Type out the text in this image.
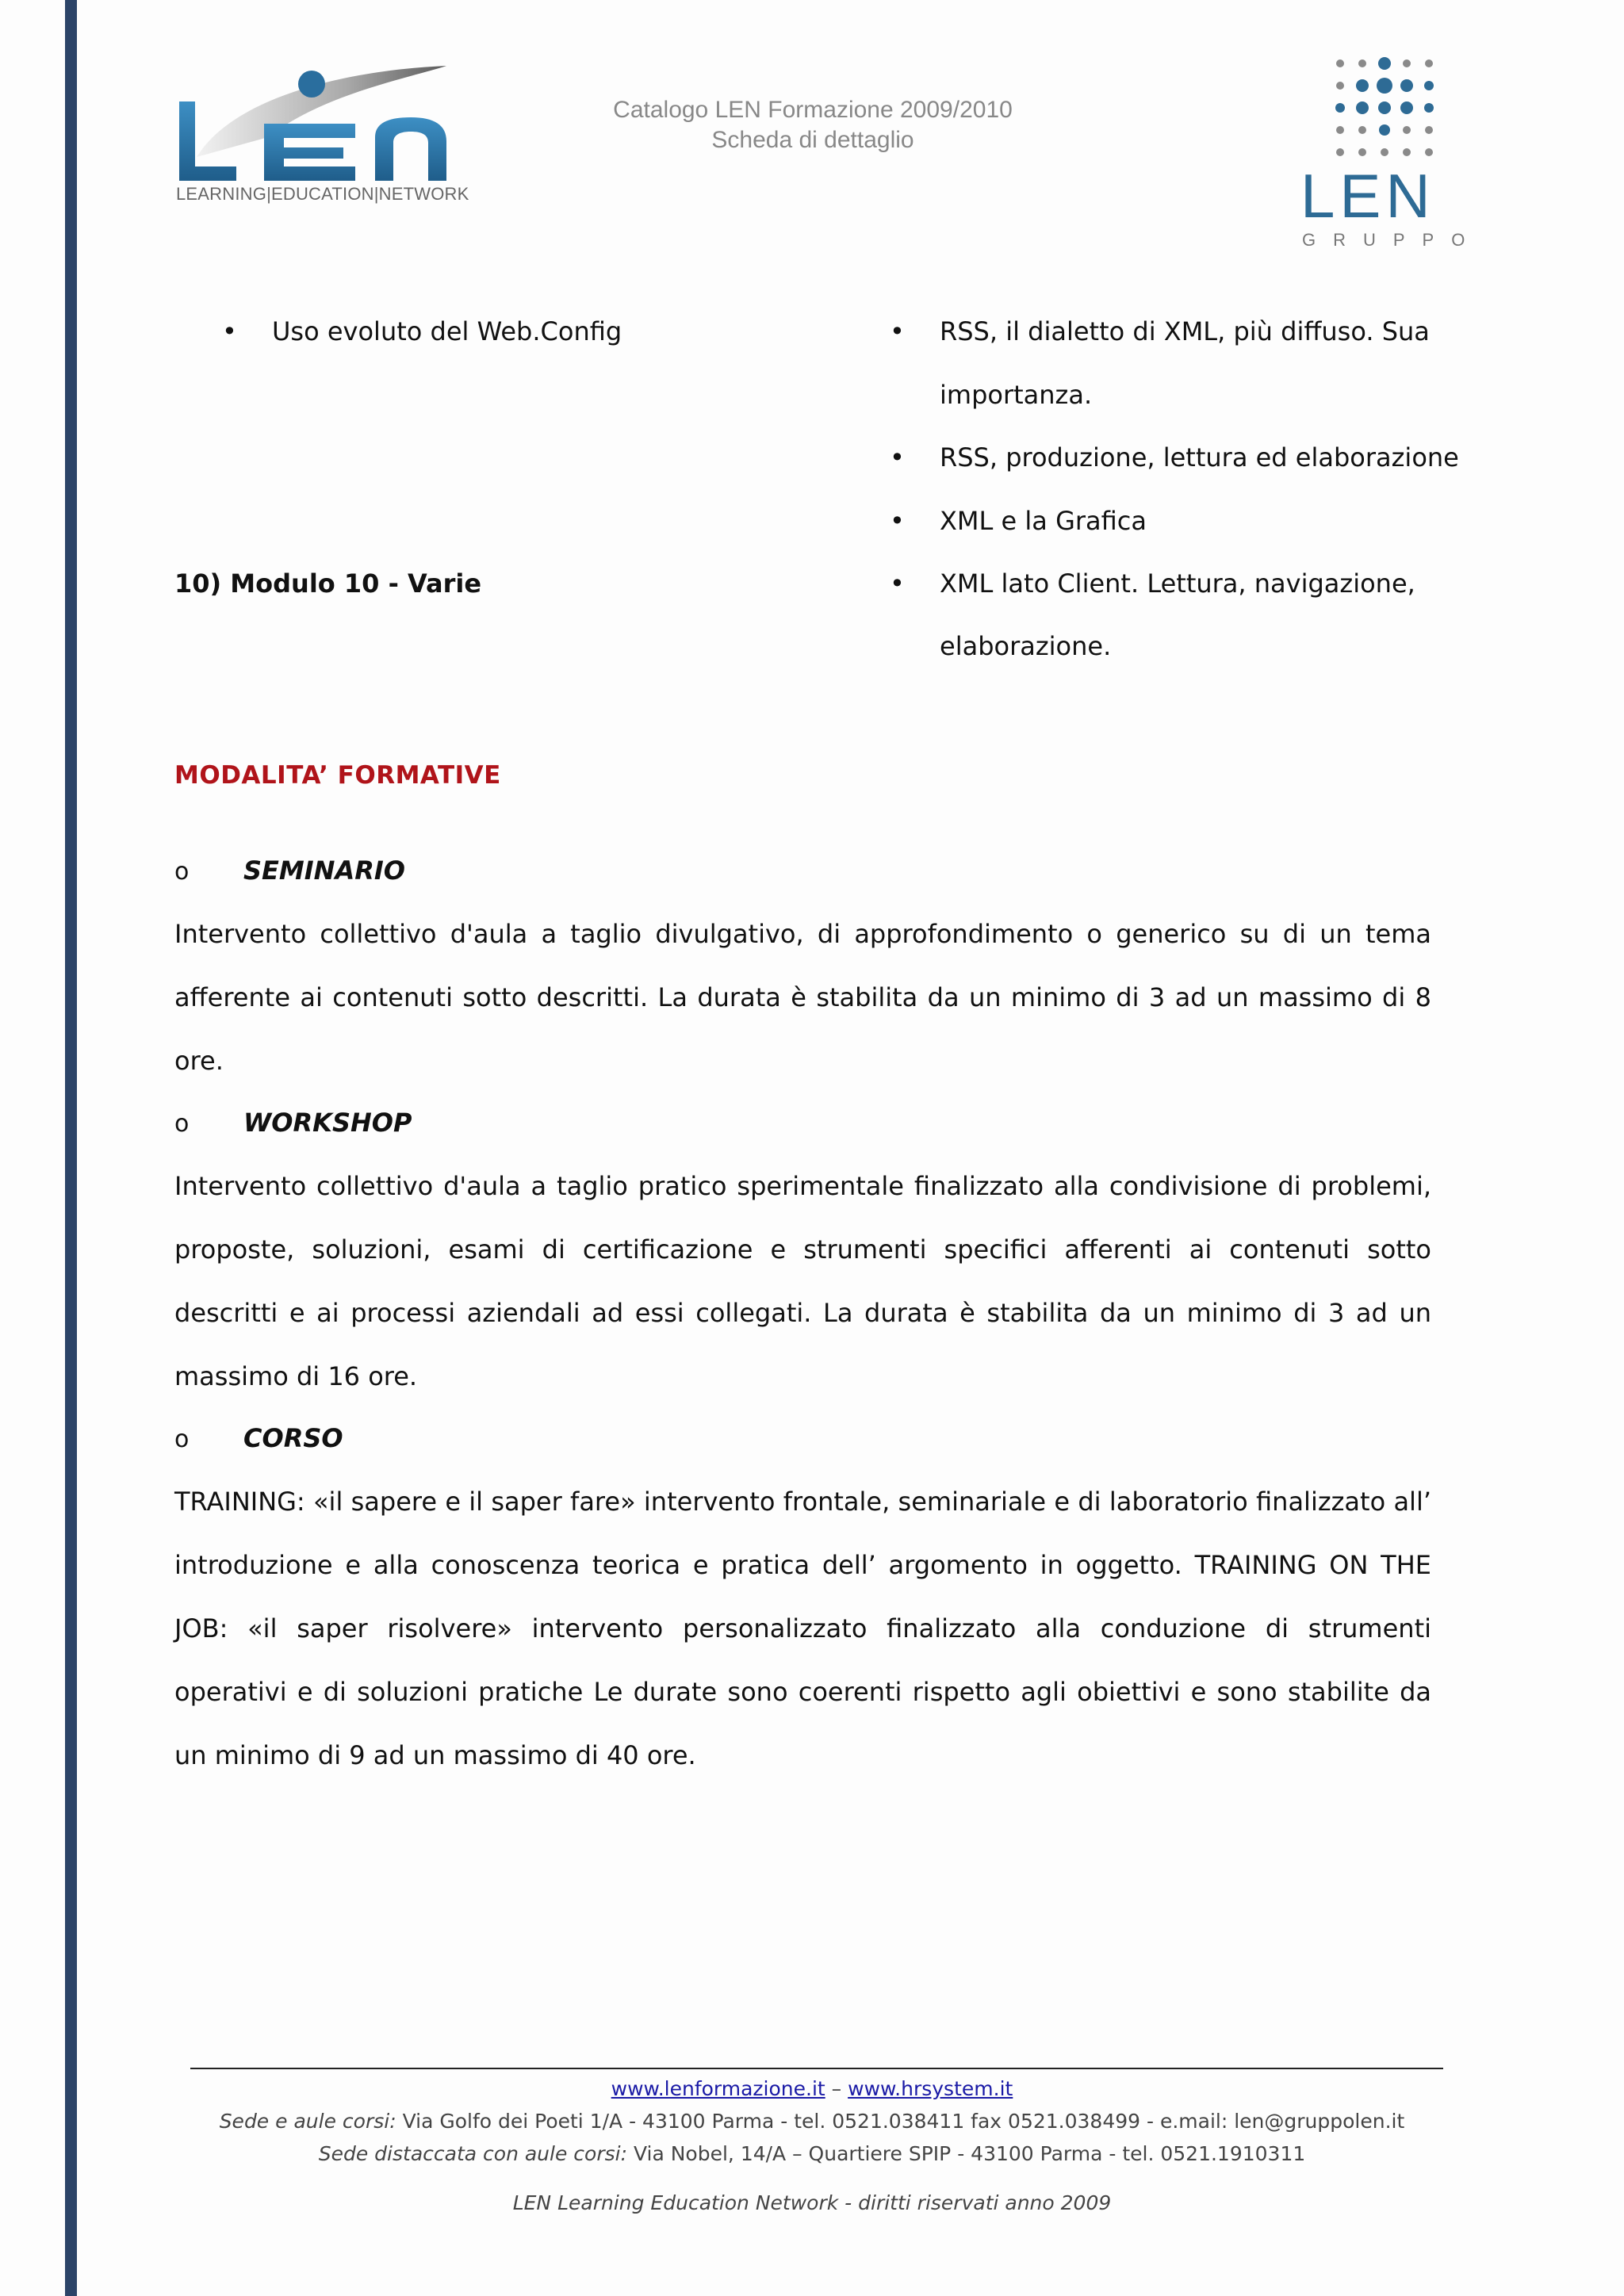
LEARNING|EDUCATION|NETWORK
Catalogo LEN Formazione 2009/2010
Scheda di dettaglio
LEN
GRUPPO
• Uso evoluto del Web.Config

10) Modulo 10 - Varie

• RSS, il dialetto di XML, più diffuso. Sua

importanza.

• RSS, produzione, lettura ed elaborazione

• XML e la Grafica

• XML lato Client. Lettura, navigazione,

elaborazione.

MODALITA’ FORMATIVE
o SEMINARIO

Intervento collettivo d'aula a taglio divulgativo, di approfondimento o generico su di un tema afferente ai contenuti sotto descritti. La durata è stabilita da un minimo di 3 ad un massimo di 8 ore.

o WORKSHOP

Intervento collettivo d'aula a taglio pratico sperimentale finalizzato alla condivisione di problemi, proposte, soluzioni, esami di certificazione e strumenti specifici afferenti ai contenuti sotto descritti e ai processi aziendali ad essi collegati. La durata è stabilita da un minimo di 3 ad un massimo di 16 ore.

o CORSO

TRAINING: «il sapere e il saper fare» intervento frontale, seminariale e di laboratorio finalizzato all’ introduzione e alla conoscenza teorica e pratica dell’ argomento in oggetto. TRAINING ON THE JOB: «il saper risolvere» intervento personalizzato finalizzato alla conduzione di strumenti operativi e di soluzioni pratiche Le durate sono coerenti rispetto agli obiettivi e sono stabilite da un minimo di 9 ad un massimo di 40 ore.

www.lenformazione.it – www.hrsystem.it
Sede e aule corsi: Via Golfo dei Poeti 1/A - 43100 Parma - tel. 0521.038411 fax 0521.038499 - e.mail: len@gruppolen.it
Sede distaccata con aule corsi: Via Nobel, 14/A – Quartiere SPIP - 43100 Parma - tel. 0521.1910311
LEN Learning Education Network - diritti riservati anno 2009
